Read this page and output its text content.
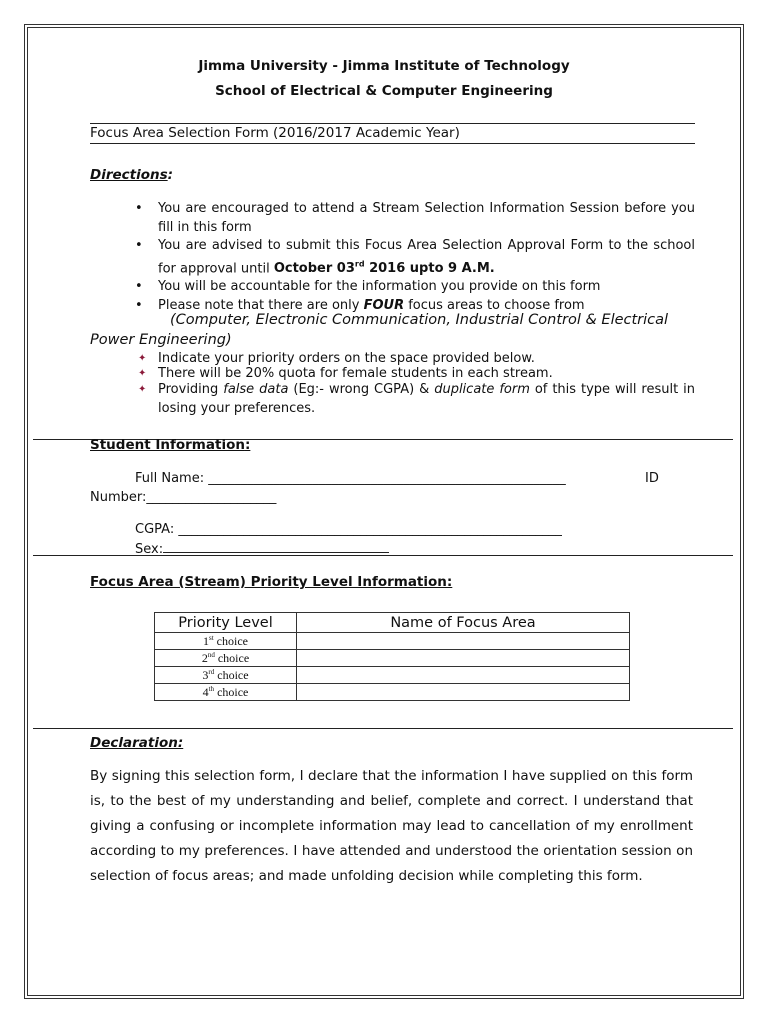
Jimma University - Jimma Institute of Technology
School of Electrical & Computer Engineering
Focus Area Selection Form (2016/2017 Academic Year)
Directions:
• You are encouraged to attend a Stream Selection Information Session before you fill in this form
• You are advised to submit this Focus Area Selection Approval Form to the school for approval until October 03rd 2016 upto 9 A.M.
• You will be accountable for the information you provide on this form
• Please note that there are only FOUR focus areas to choose from
(Computer, Electronic Communication, Industrial Control & Electrical
Power Engineering)
✦ Indicate your priority orders on the space provided below.
✦ There will be 20% quota for female students in each stream.
✦ Providing false data (Eg:- wrong CGPA) & duplicate form of this type will result in losing your preferences.
Student Information:
Full Name: _______________________________________________________	ID
Number:____________________
CGPA: ___________________________________________________________
Sex:
Focus Area (Stream) Priority Level Information:
Priority Level	Name of Focus Area
1st choice	
2nd choice	
3rd choice	
4th choice	
Declaration:
By signing this selection form, I declare that the information I have supplied on this form is, to the best of my understanding and belief, complete and correct. I understand that giving a confusing or incomplete information may lead to cancellation of my enrollment according to my preferences. I have attended and understood the orientation session on selection of focus areas; and made unfolding decision while completing this form.
